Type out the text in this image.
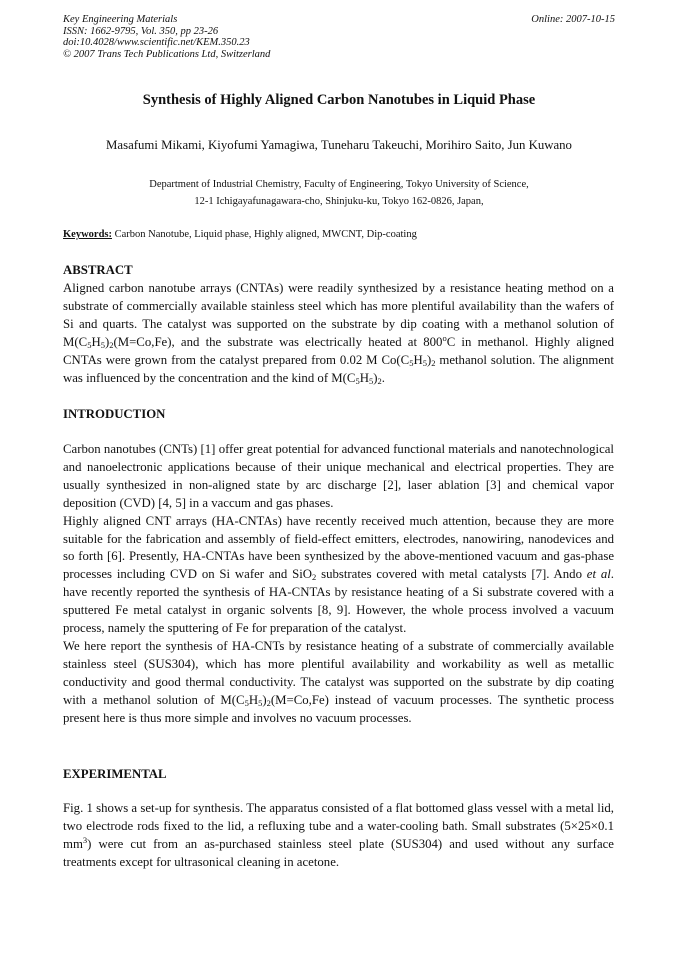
Key Engineering Materials
ISSN: 1662-9795, Vol. 350, pp 23-26
doi:10.4028/www.scientific.net/KEM.350.23
© 2007 Trans Tech Publications Ltd, Switzerland
Online: 2007-10-15
Synthesis of Highly Aligned Carbon Nanotubes in Liquid Phase
Masafumi Mikami, Kiyofumi Yamagiwa, Tuneharu Takeuchi, Morihiro Saito, Jun Kuwano
Department of Industrial Chemistry, Faculty of Engineering, Tokyo University of Science,
12-1 Ichigayafunagawara-cho, Shinjuku-ku, Tokyo 162-0826, Japan,
Keywords: Carbon Nanotube, Liquid phase, Highly aligned, MWCNT, Dip-coating
ABSTRACT

Aligned carbon nanotube arrays (CNTAs) were readily synthesized by a resistance heating method on a substrate of commercially available stainless steel which has more plentiful availability than the wafers of Si and quarts. The catalyst was supported on the substrate by dip coating with a methanol solution of $M(C_5H_5)_2(M=Co,Fe)$, and the substrate was electrically heated at 800$^o$C in methanol. Highly aligned CNTAs were grown from the catalyst prepared from 0.02 M $Co(C_5H_5)_2$ methanol solution. The alignment was influenced by the concentration and the kind of $M(C_5H_5)_2$.

INTRODUCTION

Carbon nanotubes (CNTs) [1] offer great potential for advanced functional materials and nanotechnological and nanoelectronic applications because of their unique mechanical and electrical properties. They are usually synthesized in non-aligned state by arc discharge [2], laser ablation [3] and chemical vapor deposition (CVD) [4, 5] in a vaccum and gas phases.

Highly aligned CNT arrays (HA-CNTAs) have recently received much attention, because they are more suitable for the fabrication and assembly of field-effect emitters, electrodes, nanowiring, nanodevices and so forth [6]. Presently, HA-CNTAs have been synthesized by the above-mentioned vacuum and gas-phase processes including CVD on Si wafer and SiO$_2$ substrates covered with metal catalysts [7]. Ando et al. have recently reported the synthesis of HA-CNTAs by resistance heating of a Si substrate covered with a sputtered Fe metal catalyst in organic solvents [8, 9]. However, the whole process involved a vacuum process, namely the sputtering of Fe for preparation of the catalyst.

We here report the synthesis of HA-CNTs by resistance heating of a substrate of commercially available stainless steel (SUS304), which has more plentiful availability and workability as well as metallic conductivity and good thermal conductivity. The catalyst was supported on the substrate by dip coating with a methanol solution of $M(C_5H_5)_2(M=Co,Fe)$ instead of vacuum processes. The synthetic process present here is thus more simple and involves no vacuum processes.

EXPERIMENTAL

Fig. 1 shows a set-up for synthesis. The apparatus consisted of a flat bottomed glass vessel with a metal lid, two electrode rods fixed to the lid, a refluxing tube and a water-cooling bath. Small substrates (5×25×0.1 $mm^3$) were cut from an as-purchased stainless steel plate (SUS304) and used without any surface treatments except for ultrasonical cleaning in acetone.
